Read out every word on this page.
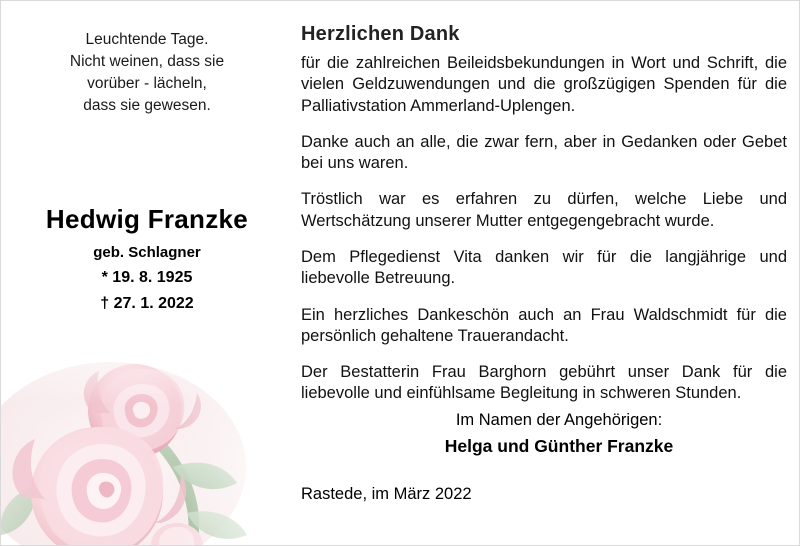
Leuchtende Tage.
Nicht weinen, dass sie
vorüber - lächeln,
dass sie gewesen.
Hedwig Franzke
geb. Schlagner
* 19. 8. 1925
† 27. 1. 2022
Herzlichen Dank

für die zahlreichen Beileidsbekundungen in Wort und Schrift, die vielen Geldzuwendungen und die großzügigen Spenden für die Palliativstation Ammerland-Uplengen.

Danke auch an alle, die zwar fern, aber in Gedanken oder Gebet bei uns waren.

Tröstlich war es erfahren zu dürfen, welche Liebe und Wertschätzung unserer Mutter entgegengebracht wurde.

Dem Pflegedienst Vita danken wir für die langjährige und liebevolle Betreuung.

Ein herzliches Dankeschön auch an Frau Waldschmidt für die persönlich gehaltene Trauerandacht.

Der Bestatterin Frau Barghorn gebührt unser Dank für die liebevolle und einfühlsame Begleitung in schweren Stunden.

Im Namen der Angehörigen:

Helga und Günther Franzke

Rastede, im März 2022
